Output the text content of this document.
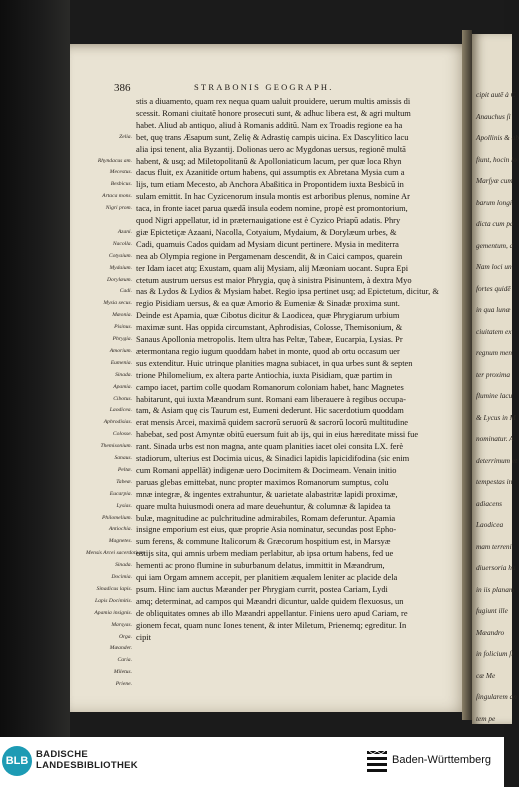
cipit autē à C
Anauchus ſi
Apollinis & ab
fiunt, hocin lo
Marſyæ cum
barum longi
dicta cum pa
gementum, d
Nam loci un
fortes quidē
in qua lunæ
ciuitatem ex
regnum men
ter proxima
flumine lacu
& Lycus in M
nominatur. A
deterrimum et
tempestas in
adiacens
Laodicea
mam terreni
diuersoria ha
in iis planam
fugiunt ille
Mæandro
in folicium ſi
cæ Me
ſingularem an
tem pe
386	STRABONIS GEOGRAPH.
stis a diuamento, quam rex nequa quam ualuit prouidere, uerum multis amissis di
scessit. Romani ciuitatē honore prosecuti sunt, & adhuc libera est, & agri multum
habet. Aliud ab antiquo, aliud à Romanis additū. Nam ex Troadis regione ea ha
bet, quę trans Æsapum sunt, Zelię & Adrastię campis uicina. Ex Dascylitico lacu
alia ipsi tenent, alia Byzantij. Dolionas uero ac Mygdonas uersus, regionē multā
habent, & usq; ad Miletopolitanū & Apolloniaticum lacum, per quæ loca Rhyn
dacus fluit, ex Azanitide ortum habens, qui assumptis ex Abretana Mysia cum a
lijs, tum etiam Mecesto, ab Anchora Abaßitica in Propontidem iuxta Besbicū in
sulam emittit. In hac Cyzicenorum insula montis est arboribus plenus, nomine Ar
taca, in fronte iacet parua quædā insula eodem nomine, propè est promontorium,
quod Nigri appellatur, id in præternauigatione est è Cyzico Priapū adatis. Phry
giæ Epictetiçæ Azaani, Nacolla, Cotyaium, Mydaium, & Dorylæum urbes, &
Cadi, quamuis Cados quidam ad Mysiam dicunt pertinere. Mysia in mediterra
nea ab Olympia regione in Pergamenam descendit, & in Caici campos, quarein
ter Idam iacet atq; Exustam, quam alij Mysiam, alij Mæoniam uocant. Supra Epi
ctetum austrum uersus est maior Phrygia, quę à sinistra Pisinuntem, à dextra Myo
nas & Lydos & Lydios & Mysiam habet. Regio ipsa pertinet usq; ad Epictetum, dicitur, &
regio Pisidiam uersus, & ea quæ Amorio & Eumeniæ & Sinadæ proxima sunt.
Deinde est Apamia, quæ Cibotus dicitur & Laodicea, quæ Phrygiarum urbium
maximæ sunt. Has oppida circumstant, Aphrodisias, Colosse, Themisonium, &
Sanaus Apollonia metropolis. Item ultra has Peltæ, Tabeæ, Eucarpia, Lysias. Pr
ætermontana regio iugum quoddam habet in monte, quod ab ortu occasum uer
sus extenditur. Huic utrinque planities magna subiacet, in qua urbes sunt & septen
trione Philomelium, ex altera parte Antiochia, iuxta Pisidiam, quæ partim in
campo iacet, partim colle quodam Romanorum coloniam habet, hanc Magnetes
habitarunt, qui iuxta Mæandrum sunt. Romani eam liberauere à regibus occupa-
tam, & Asiam quę cis Taurum est, Eumeni dederunt. Hic sacerdotium quoddam
erat mensis Arcei, maximā quidem sacrorū seruorū & sacrorū locorū multitudine
habebat, sed post Amyntæ obitū euersum fuit ab ijs, qui in eius hæreditate missi fue
rant. Sinada urbs est non magna, ante quam planities iacet olei consita LX. ferè
stadiorum, ulterius est Docimia uicus, & Sinadici lapidis lapicidifodina (sic enim
cum Romani appellāt) indigenæ uero Docimitem & Docimeam. Venain initio
paruas glebas emittebat, nunc propter maximos Romanorum sumptus, colu
mnæ integræ, & ingentes extrahuntur, & uarietate alabastritæ lapidi proximæ,
quare multa huiusmodi onera ad mare deuehuntur, & columnæ & lapidea ta
bulæ, magnitudine ac pulchritudine admirabiles, Romam deferuntur. Apamia
insigne emporium est eius, quæ proprie Asia nominatur, secundas post Epho-
sum ferens, & commune Italicorum & Græcorum hospitium est, in Marsyæ
ostijs sita, qui amnis urbem mediam perlabitur, ab ipsa ortum habens, fed ue
hementi ac prono flumine in suburbanum delatus, immittit in Mæandrum,
qui iam Orgam amnem accepit, per planitiem æqualem leniter ac placide dela
psum. Hinc iam auctus Mæander per Phrygiam currit, postea Cariam, Lydi
amq; determinat, ad campos qui Mæandri dicuntur, ualde quidem flexuosus, un
de obliquitates omnes ab illo Mæandri appellantur. Finiens uero apud Cariam, re
gionem fecat, quam nunc Iones tenent, & inter Miletum, Prienemq; egreditur. In
cipit
Zelia.
Rhyndacus am.
Mecestus.
Besbicus.
Artaca mons.
Nigri prom.
Azani.
Nacolla.
Cotyaium.
Mydaium.
Dorylæum.
Cadi.
Mysia secus.
Mæonia.
Pisinus.
Phrygia.
Amorium.
Eumenia.
Sinada.
Apamia.
Cibotus.
Laodicea.
Aphrodisias.
Colosse.
Themisonium.
Sanaus.
Peltæ.
Tabeæ.
Eucarpia.
Lysias.
Philomelium.
Antiochia.
Magnetes.
Mensis Arcei sacerdotium.
Sinada.
Docimia.
Sinadicus lapis.
Lapis Docimitis.
Apamia insignis.
Marsyas.
Orga.
Mæander.
Caria.
Miletus.
Priene.
BLB
BADISCHE
LANDESBIBLIOTHEK	Baden-Württemberg
